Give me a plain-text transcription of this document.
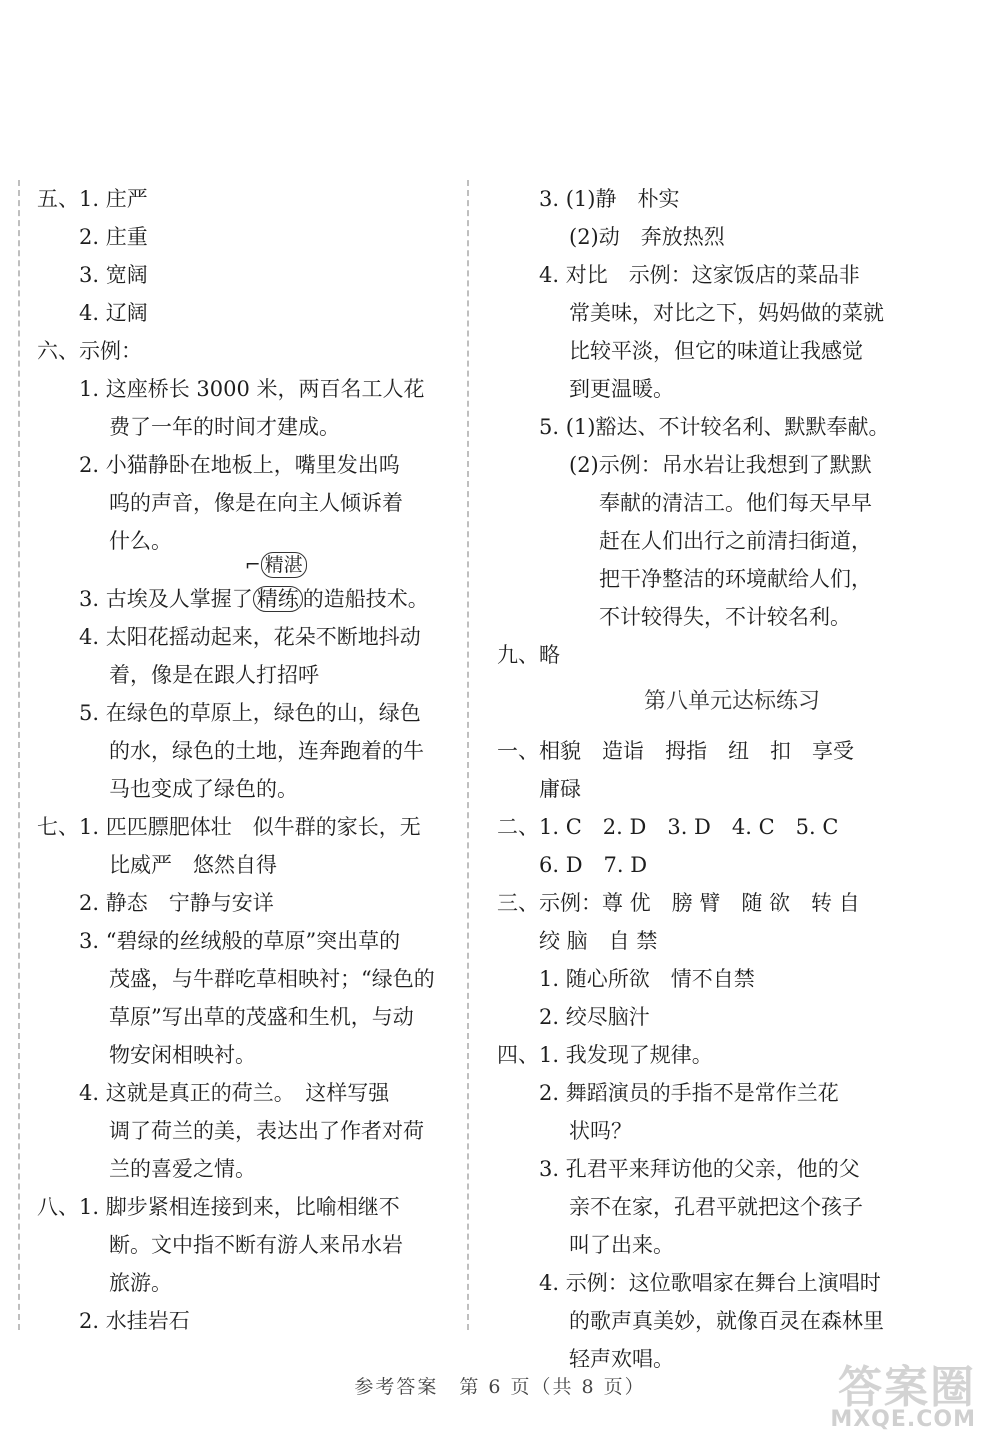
五、1. 庄严
2. 庄重
3. 宽阔
4. 辽阔
六、示例：
1. 这座桥长 3000 米，两百名工人花
费了一年的时间才建成。
2. 小猫静卧在地板上，嘴里发出呜
呜的声音，像是在向主人倾诉着
什么。
3. 古埃及人掌握了
⌐ 精湛
精练 的造船技术。
4. 太阳花摇动起来，花朵不断地抖动
着，像是在跟人打招呼
5. 在绿色的草原上，绿色的山，绿色
的水，绿色的土地，连奔跑着的牛
马也变成了绿色的。
七、1. 匹匹膘肥体壮　似牛群的家长，无
比威严　悠然自得
2. 静态　宁静与安详
3. “碧绿的丝绒般的草原”突出草的
茂盛，与牛群吃草相映衬；“绿色的
草原”写出草的茂盛和生机，与动
物安闲相映衬。
4. 这就是真正的荷兰。　这样写强
调了荷兰的美，表达出了作者对荷
兰的喜爱之情。
八、1. 脚步紧相连接到来，比喻相继不
断。文中指不断有游人来吊水岩
旅游。
2. 水挂岩石
3. (1)静　朴实
(2)动　奔放热烈
4. 对比　示例：这家饭店的菜品非
常美味，对比之下，妈妈做的菜就
比较平淡，但它的味道让我感觉
到更温暖。
5. (1)豁达、不计较名利、默默奉献。
(2)示例：吊水岩让我想到了默默
奉献的清洁工。他们每天早早
赶在人们出行之前清扫街道，
把干净整洁的环境献给人们，
不计较得失，不计较名利。
九、略
第八单元达标练习
一、相貌　造诣　拇指　纽　扣　享受
庸碌
二、1. C　2. D　3. D　4. C　5. C
6. D　7. D
三、示例：尊 优　膀 臂　随 欲　转 自
绞 脑　自 禁
1. 随心所欲　情不自禁
2. 绞尽脑汁
四、1. 我发现了规律。
2. 舞蹈演员的手指不是常作兰花
状吗？
3. 孔君平来拜访他的父亲，他的父
亲不在家，孔君平就把这个孩子
叫了出来。
4. 示例：这位歌唱家在舞台上演唱时
的歌声真美妙，就像百灵在森林里
轻声欢唱。
参考答案　第 6 页（共 8 页）	答案圈
MXQE.COM
